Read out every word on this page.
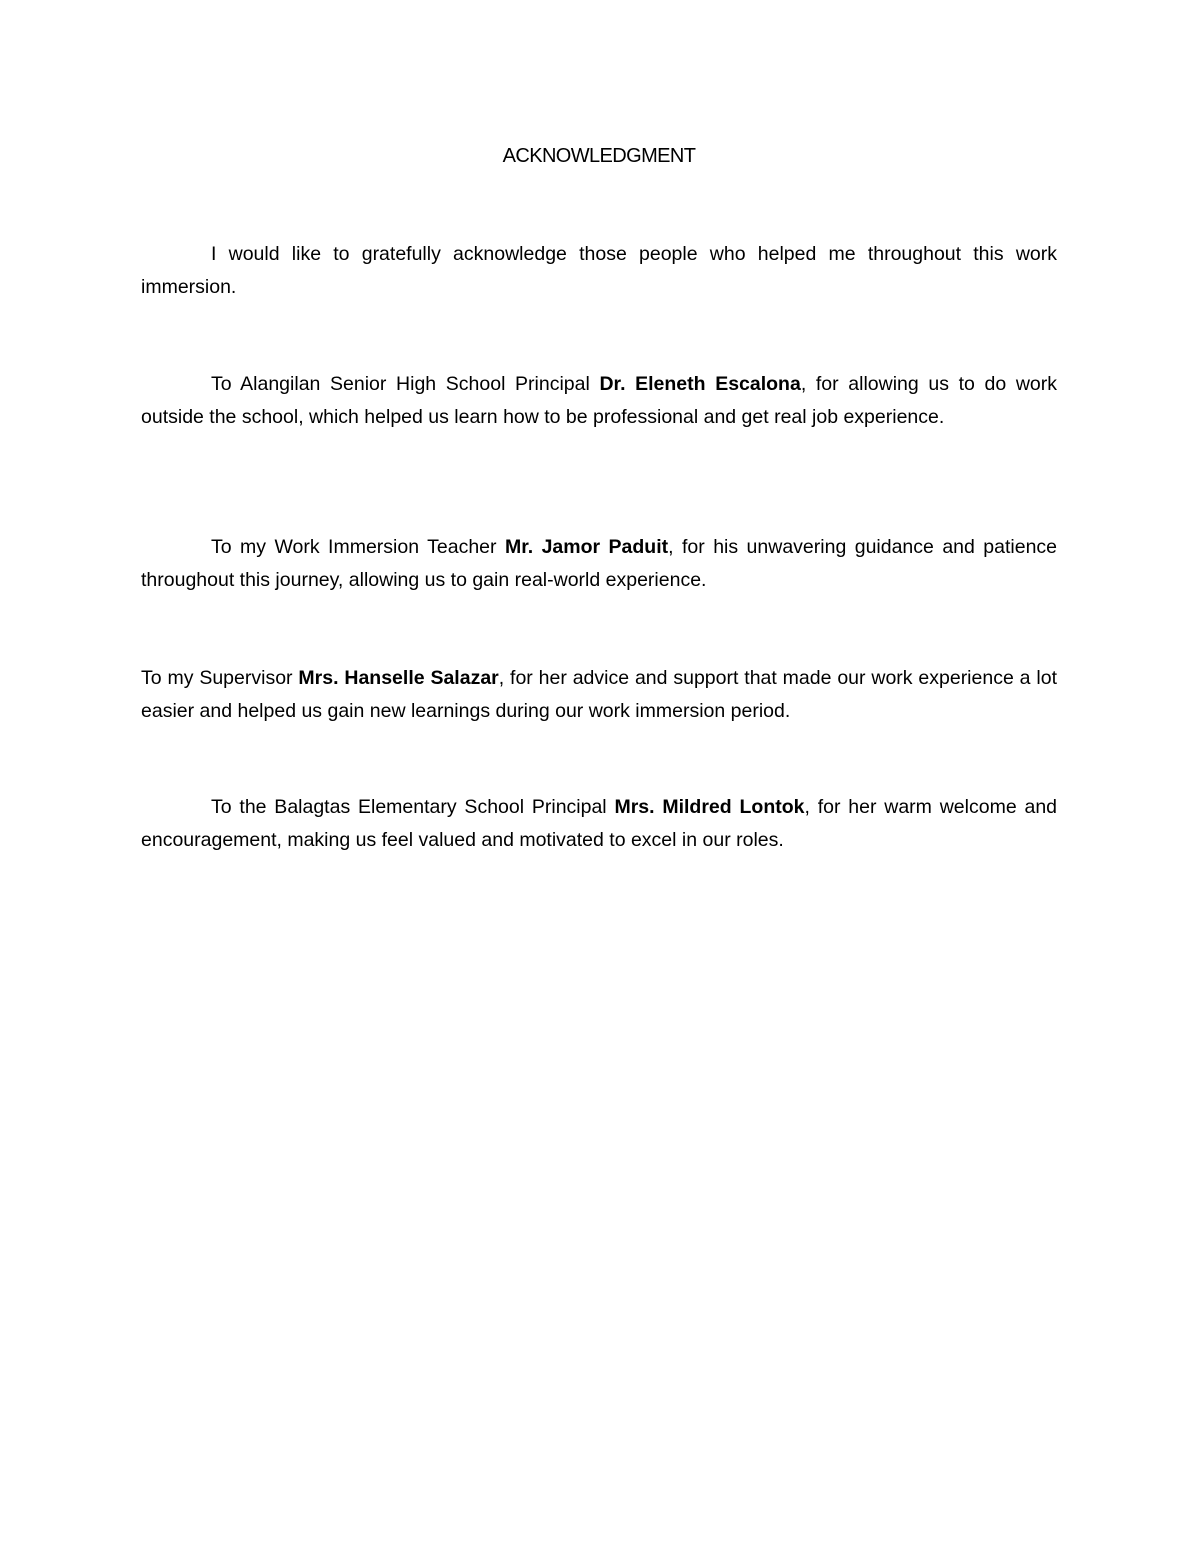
ACKNOWLEDGMENT

I would like to gratefully acknowledge those people who helped me throughout this work immersion.

To Alangilan Senior High School Principal Dr. Eleneth Escalona, for allowing us to do work outside the school, which helped us learn how to be professional and get real job experience.

To my Work Immersion Teacher Mr. Jamor Paduit, for his unwavering guidance and patience throughout this journey, allowing us to gain real-world experience.

To my Supervisor Mrs. Hanselle Salazar, for her advice and support that made our work experience a lot easier and helped us gain new learnings during our work immersion period.

To the Balagtas Elementary School Principal Mrs. Mildred Lontok, for her warm welcome and encouragement, making us feel valued and motivated to excel in our roles.
